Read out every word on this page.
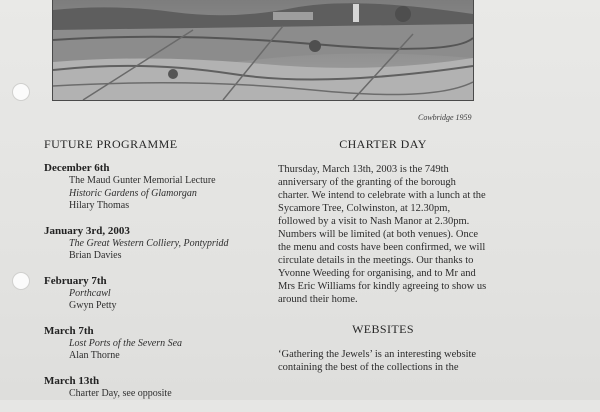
Cowbridge 1959
FUTURE PROGRAMME
December 6th
The Maud Gunter Memorial Lecture
Historic Gardens of Glamorgan
Hilary Thomas
January 3rd, 2003
The Great Western Colliery, Pontypridd
Brian Davies
February 7th
Porthcawl
Gwyn Petty
March 7th
Lost Ports of the Severn Sea
Alan Thorne
March 13th
Charter Day, see opposite
CHARTER DAY

Thursday, March 13th, 2003 is the 749th anniversary of the granting of the borough charter. We intend to celebrate with a lunch at the Sycamore Tree, Colwinston, at 12.30pm, followed by a visit to Nash Manor at 2.30pm. Numbers will be limited (at both venues). Once the menu and costs have been confirmed, we will circulate details in the meetings. Our thanks to Yvonne Weeding for organising, and to Mr and Mrs Eric Williams for kindly agreeing to show us around their home.

WEBSITES

‘Gathering the Jewels’ is an interesting website containing the best of the collections in the
